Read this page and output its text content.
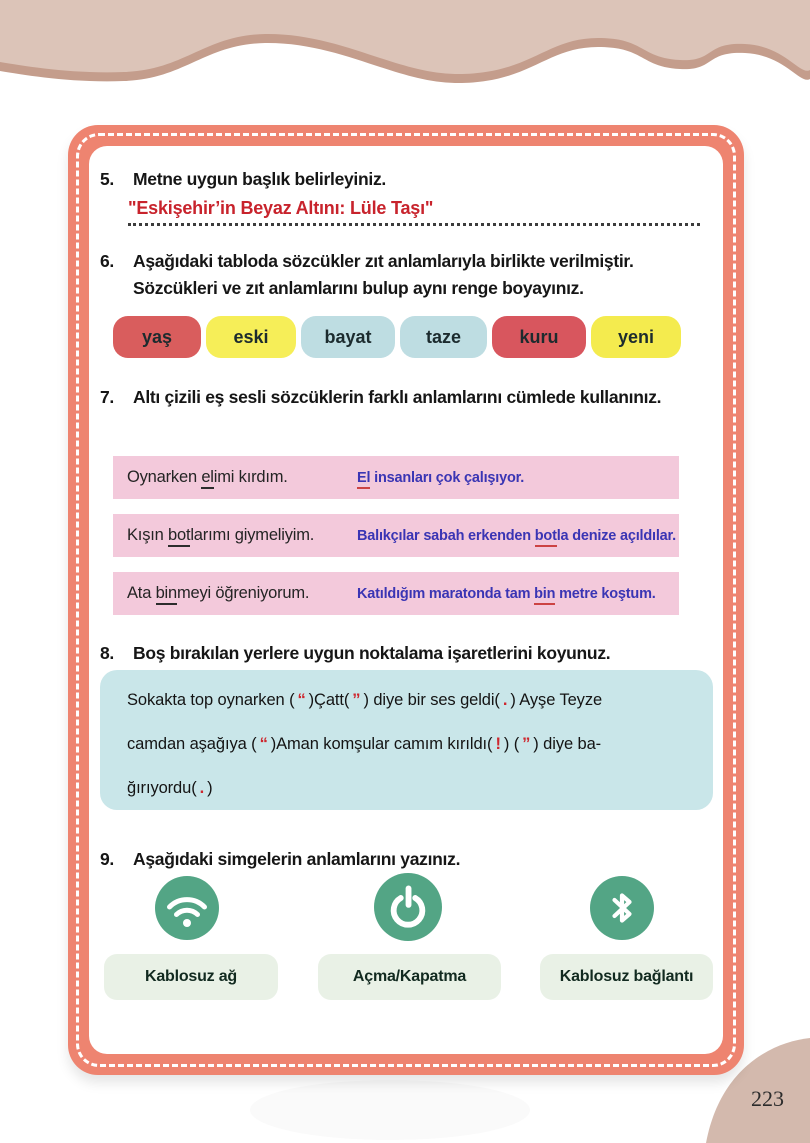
5.	Metne uygun başlık belirleyiniz.
"Eskişehir’in Beyaz Altını: Lüle Taşı"
6.	Aşağıdaki tabloda sözcükler zıt anlamlarıyla birlikte verilmiştir. Sözcükleri ve zıt anlamlarını bulup aynı renge boyayınız.
yaş	eski	bayat	taze	kuru	yeni
7.	Altı çizili eş sesli sözcüklerin farklı anlamlarını cümlede kullanınız.
Oynarken elimi kırdım.	El insanları çok çalışıyor.
Kışın botlarımı giymeliyim.	Balıkçılar sabah erkenden botla denize açıldılar.
Ata binmeyi öğreniyorum.	Katıldığım maratonda tam bin metre koştum.
8.	Boş bırakılan yerlere uygun noktalama işaretlerini koyunuz.
Sokakta top oynarken ( “ )Çatt( ” ) diye bir ses geldi( . ) Ayşe Teyze
camdan aşağıya ( “ )Aman komşular camım kırıldı( ! ) ( ” ) diye ba-
ğırıyordu( . )
9.	Aşağıdaki simgelerin anlamlarını yazınız.
Kablosuz ağ	Açma/Kapatma	Kablosuz bağlantı
223
